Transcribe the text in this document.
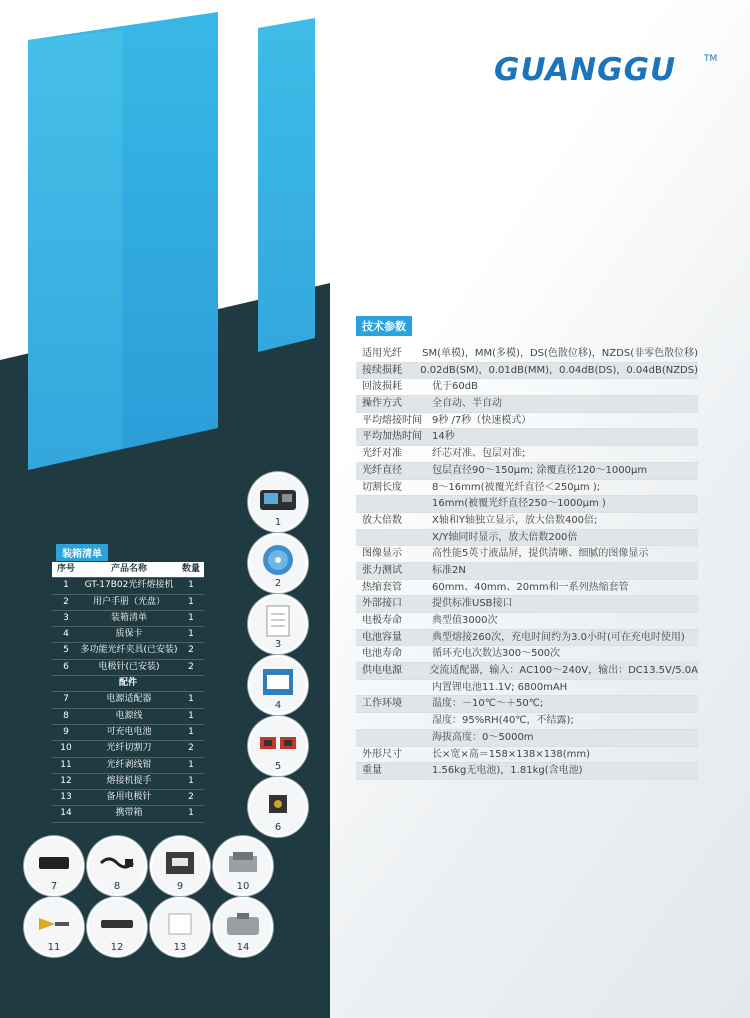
GUANGGU	TM
技术参数
适用光纤	SM(单模)，MM(多模)，DS(色散位移)，NZDS(非零色散位移)
接续损耗	0.02dB(SM)，0.01dB(MM)，0.04dB(DS)，0.04dB(NZDS)
回波损耗	优于60dB
操作方式	全自动、半自动
平均熔接时间	9秒 /7秒（快速模式）
平均加热时间	14秒
光纤对准	纤芯对准、包层对准;
光纤直径	包层直径90～150μm; 涂覆直径120～1000μm
切割长度	8～16mm(被覆光纤直径＜250μm );
16mm(被覆光纤直径250～1000μm )
放大倍数	X轴和Y轴独立显示，放大倍数400倍;
X/Y轴同时显示，放大倍数200倍
图像显示	高性能5英寸液晶屏，提供清晰、细腻的图像显示
张力测试	标准2N
热缩套管	60mm、40mm、20mm和一系列热缩套管
外部接口	提供标准USB接口
电极寿命	典型值3000次
电池容量	典型熔接260次，充电时间约为3.0小时(可在充电时使用)
电池寿命	循环充电次数达300～500次
供电电源	交流适配器，输入：AC100～240V，输出：DC13.5V/5.0A
内置锂电池11.1V; 6800mAH
工作环境	温度：－10℃～＋50℃;
湿度：95%RH(40℃，不结露);
海拔高度：0～5000m
外形尺寸	长×宽×高＝158×138×138(mm)
重量	1.56kg无电池)，1.81kg(含电池)
装箱清单
序号	产品名称	数量
1	GT-17B02光纤熔接机	1
2	用户手册（光盘）	1
3	装箱清单	1
4	质保卡	1
5	多功能光纤夹具(已安装)	2
6	电极针(已安装)	2
配件
7	电源适配器	1
8	电源线	1
9	可充电电池	1
10	光纤切割刀	2
11	光纤剥线钳	1
12	熔接机提手	1
13	备用电极针	2
14	携带箱	1
1
2
3
4
5
6
7	8	9	10
11	12	13	14
